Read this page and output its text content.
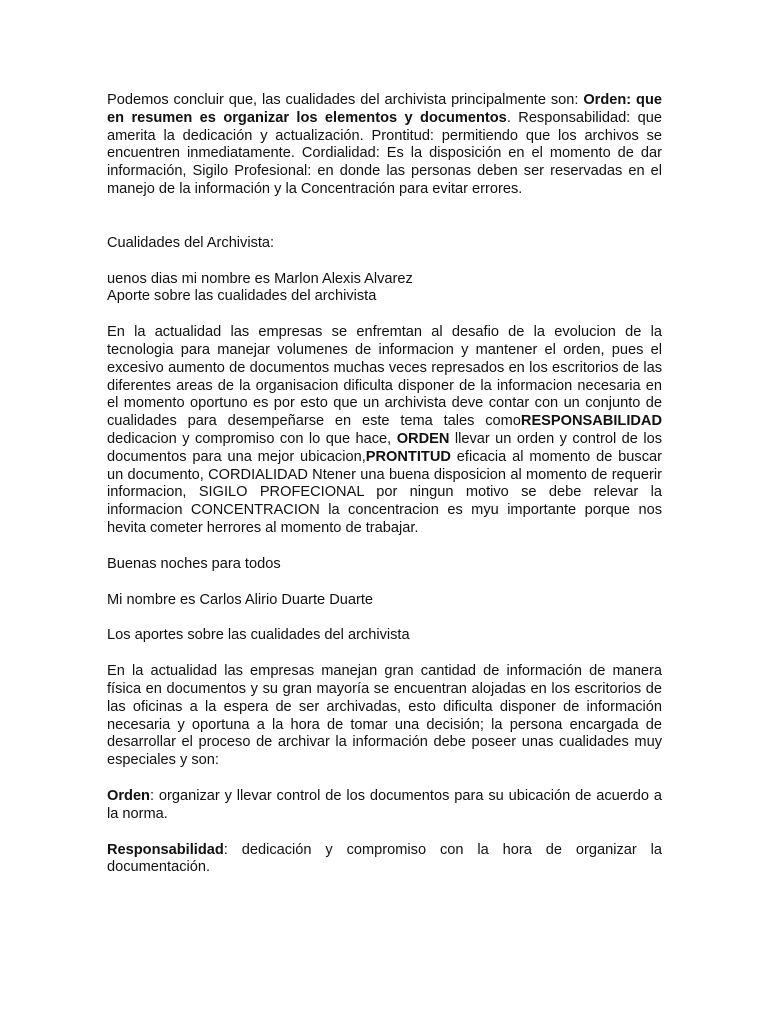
Podemos concluir que, las cualidades del archivista principalmente son: Orden: que en resumen es organizar los elementos y documentos. Responsabilidad: que amerita la dedicación y actualización. Prontitud: permitiendo que los archivos se encuentren inmediatamente. Cordialidad: Es la disposición en el momento de dar información, Sigilo Profesional: en donde las personas deben ser reservadas en el manejo de la información y la Concentración para evitar errores.

Cualidades del Archivista:

uenos dias mi nombre es Marlon Alexis Alvarez

Aporte sobre las cualidades del archivista

En la actualidad las empresas se enfremtan al desafio de la evolucion de la tecnologia para manejar volumenes de informacion y mantener el orden, pues el excesivo aumento de documentos muchas veces represados en los escritorios de las diferentes areas de la organisacion dificulta disponer de la informacion necesaria en el momento oportuno es por esto que un archivista deve contar con un conjunto de cualidades para desempeñarse en este tema tales comoRESPONSABILIDAD dedicacion y compromiso con lo que hace, ORDEN llevar un orden y control de los documentos para una mejor ubicacion,PRONTITUD eficacia al momento de buscar un documento, CORDIALIDAD Ntener una buena disposicion al momento de requerir informacion, SIGILO PROFECIONAL por ningun motivo se debe relevar la informacion CONCENTRACION la concentracion es myu importante porque nos hevita cometer herrores al momento de trabajar.

Buenas noches para todos

Mi nombre es Carlos Alirio Duarte Duarte

Los aportes sobre las cualidades del archivista

En la actualidad las empresas manejan gran cantidad de información de manera física en documentos y su gran mayoría se encuentran alojadas en los escritorios de las oficinas a la espera de ser archivadas, esto dificulta disponer de información necesaria y oportuna a la hora de tomar una decisión; la persona encargada de desarrollar el proceso de archivar la información debe poseer unas cualidades muy especiales y son:

Orden: organizar y llevar control de los documentos para su ubicación de acuerdo a la norma.

Responsabilidad: dedicación y compromiso con la hora de organizar la documentación.
